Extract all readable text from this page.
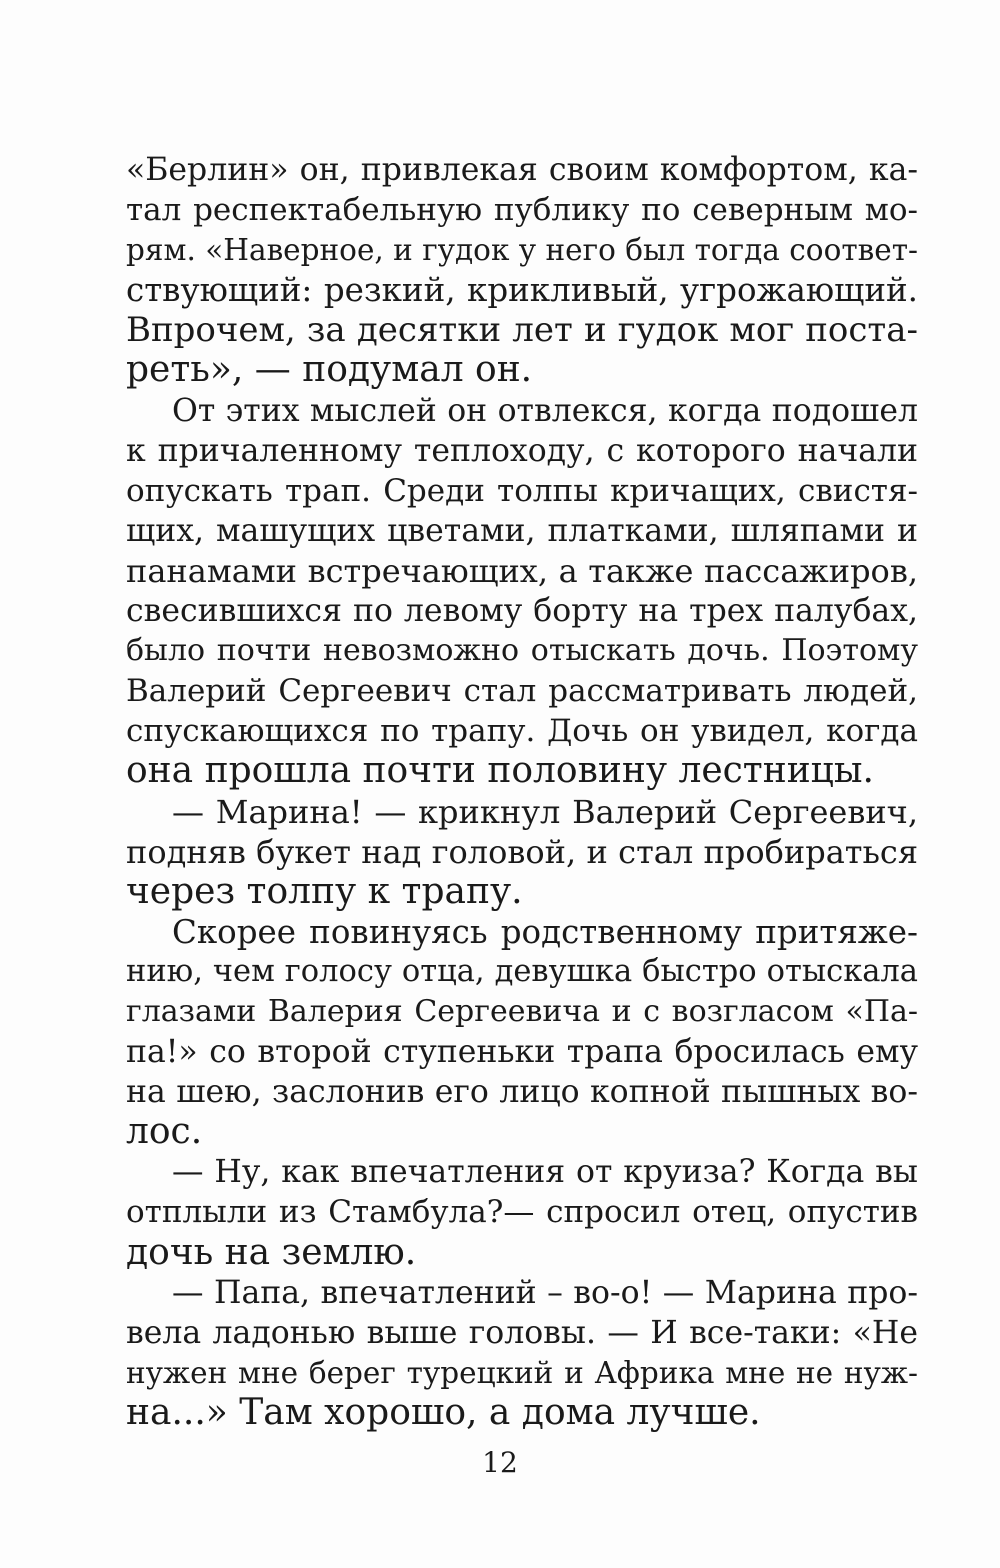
«Берлин» он, привлекая своим комфортом, ка-
тал респектабельную публику по северным мо-
рям. «Наверное, и гудок у него был тогда соответ-
ствующий: резкий, крикливый, угрожающий.
Впрочем, за десятки лет и гудок мог поста-
реть», — подумал он.
От этих мыслей он отвлекся, когда подошел
к причаленному теплоходу, с которого начали
опускать трап. Среди толпы кричащих, свистя-
щих, машущих цветами, платками, шляпами и
панамами встречающих, а также пассажиров,
свесившихся по левому борту на трех палубах,
было почти невозможно отыскать дочь. Поэтому
Валерий Сергеевич стал рассматривать людей,
спускающихся по трапу. Дочь он увидел, когда
она прошла почти половину лестницы.
— Марина! — крикнул Валерий Сергеевич,
подняв букет над головой, и стал пробираться
через толпу к трапу.
Скорее повинуясь родственному притяже-
нию, чем голосу отца, девушка быстро отыскала
глазами Валерия Сергеевича и с возгласом «Па-
па!» со второй ступеньки трапа бросилась ему
на шею, заслонив его лицо копной пышных во-
лос.
— Ну, как впечатления от круиза? Когда вы
отплыли из Стамбула?— спросил отец, опустив
дочь на землю.
— Папа, впечатлений – во-о! — Марина про-
вела ладонью выше головы. — И все-таки: «Не
нужен мне берег турецкий и Африка мне не нуж-
на...» Там хорошо, а дома лучше.
12
